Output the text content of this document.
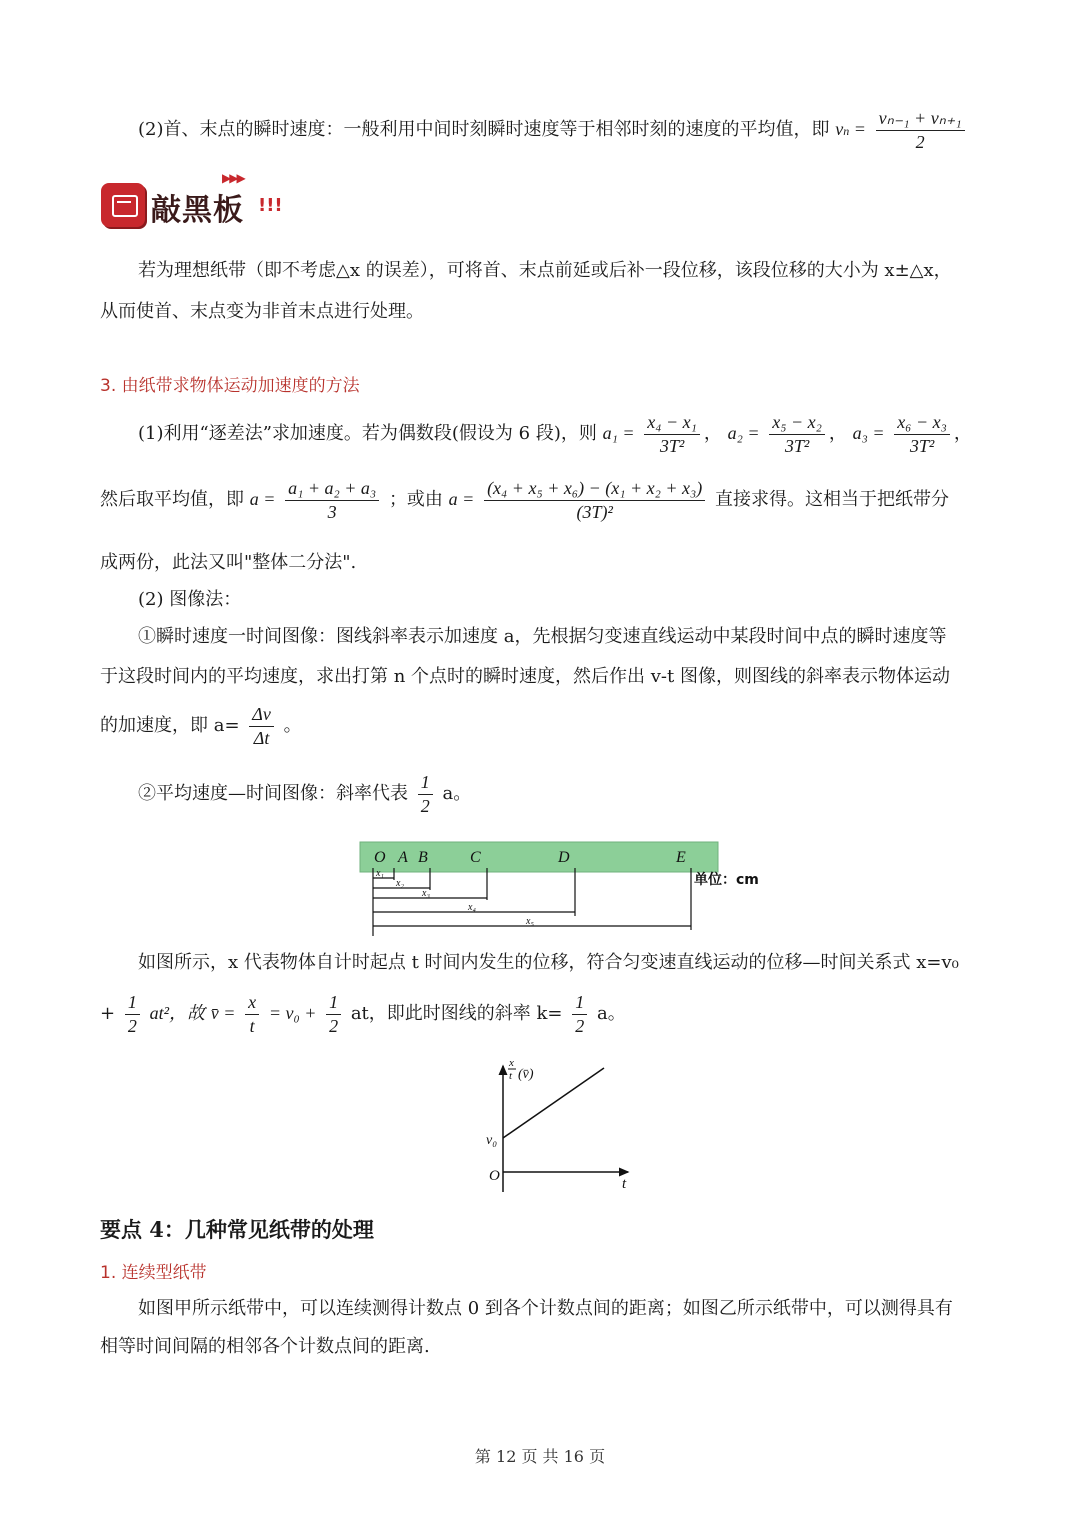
(2)首、末点的瞬时速度：一般利用中间时刻瞬时速度等于相邻时刻的速度的平均值，即 vn = $\frac{\text{vₙ₋₁ + vₙ₊₁}}{2}$
▶▶▶
敲黑板 !!!
若为理想纸带（即不考虑△x 的误差），可将首、末点前延或后补一段位移，该段位移的大小为 x±△x，
从而使首、末点变为非首末点进行处理。
3. 由纸带求物体运动加速度的方法
(1)利用“逐差法”求加速度。若为偶数段(假设为 6 段)，则 $a_1 = \frac{\text{x₄ − x₁}}{\text{3T²}}$ ， $a_2 = \frac{\text{x₅ − x₂}}{\text{3T²}}$ ， $a_3 = \frac{\text{x₆ − x₃}}{\text{3T²}}$ ，
然后取平均值，即 $a = \frac{\text{a₁ + a₂ + a₃}}{3}$ ；或由 $a = \frac{\text{(x₄ + x₅ + x₆) − (x₁ + x₂ + x₃)}}{\text{(3T)²}}$ 直接求得。这相当于把纸带分
成两份，此法又叫"整体二分法".
(2) 图像法：
①瞬时速度一时间图像：图线斜率表示加速度 a，先根据匀变速直线运动中某段时间中点的瞬时速度等
于这段时间内的平均速度，求出打第 n 个点时的瞬时速度，然后作出 v-t 图像，则图线的斜率表示物体运动
的加速度，即 $a= \frac{\Delta v}{\Delta t}$ 。
②平均速度—时间图像：斜率代表 $\frac{1}{2}$ a。
O A B	C	D	E
x₁
x₂
x₃
x₄
x₅
单位：cm
如图所示，x 代表物体自计时起点 t 时间内发生的位移，符合匀变速直线运动的位移—时间关系式 x=v₀
+ $\frac{1}{2} at^2$，故 v̄ = $\frac{x}{t} = v_0 + \frac{1}{2}$ at，即此时图线的斜率 $k= \frac{1}{2}$ a。
x
t (v̄)
v₀
O	t
要点 4：几种常见纸带的处理
1. 连续型纸带
如图甲所示纸带中，可以连续测得计数点 0 到各个计数点间的距离；如图乙所示纸带中，可以测得具有
相等时间间隔的相邻各个计数点间的距离.
第 12 页 共 16 页
